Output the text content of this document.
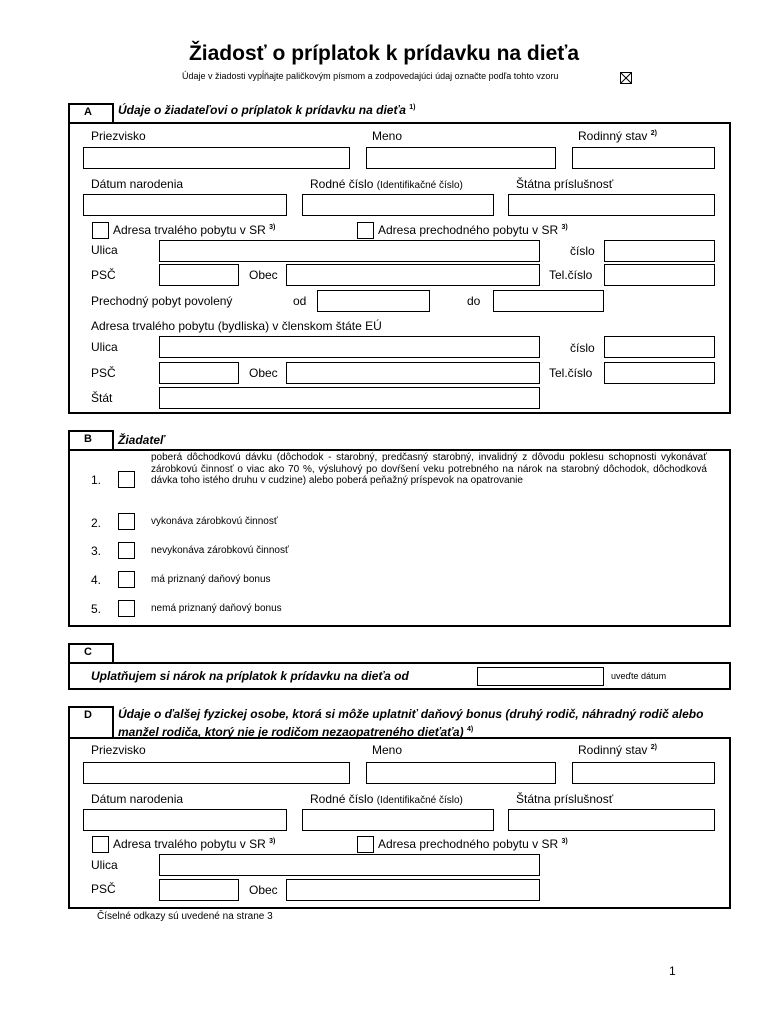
Žiadosť o príplatok k prídavku na dieťa
Údaje v žiadosti vypĺňajte paličkovým písmom a zodpovedajúci údaj označte podľa tohto vzoru
A	Údaje o žiadateľovi o príplatok k prídavku na dieťa $^{1)}$
Priezvisko	Meno	Rodinný stav $^{2)}$
Dátum narodenia	Rodné číslo (Identifikačné číslo)	Štátna príslušnosť
Adresa trvalého pobytu v SR $^{3)}$	Adresa prechodného pobytu v SR $^{3)}$
Ulica	číslo
PSČ	Obec	Tel.číslo
Prechodný pobyt povolený	od	do
Adresa trvalého pobytu (bydliska) v členskom štáte EÚ
Ulica	číslo
PSČ	Obec	Tel.číslo
Štát
B	Žiadateľ
1.
poberá dôchodkovú dávku (dôchodok - starobný, predčasný starobný, invalidný z dôvodu poklesu schopnosti vykonávať zárobkovú činnosť o viac ako 70 %, výsluhový po dovŕšení veku potrebného na nárok na starobný dôchodok, dôchodková dávka toho istého druhu v cudzine) alebo poberá peňažný príspevok na opatrovanie
2.	vykonáva zárobkovú činnosť
3.	nevykonáva zárobkovú činnosť
4.	má priznaný daňový bonus
5.	nemá priznaný daňový bonus
C
Uplatňujem si nárok na príplatok k prídavku na dieťa od	uveďte dátum
D	Údaje o ďalšej fyzickej osobe, ktorá si môže uplatniť daňový bonus (druhý rodič, náhradný rodič alebo manžel rodiča, ktorý nie je rodičom nezaopatreného dieťaťa) $^{4)}$
Priezvisko	Meno	Rodinný stav $^{2)}$
Dátum narodenia	Rodné číslo (Identifikačné číslo)	Štátna príslušnosť
Adresa trvalého pobytu v SR $^{3)}$	Adresa prechodného pobytu v SR $^{3)}$
Ulica
PSČ	Obec
Číselné odkazy sú uvedené na strane 3
1
